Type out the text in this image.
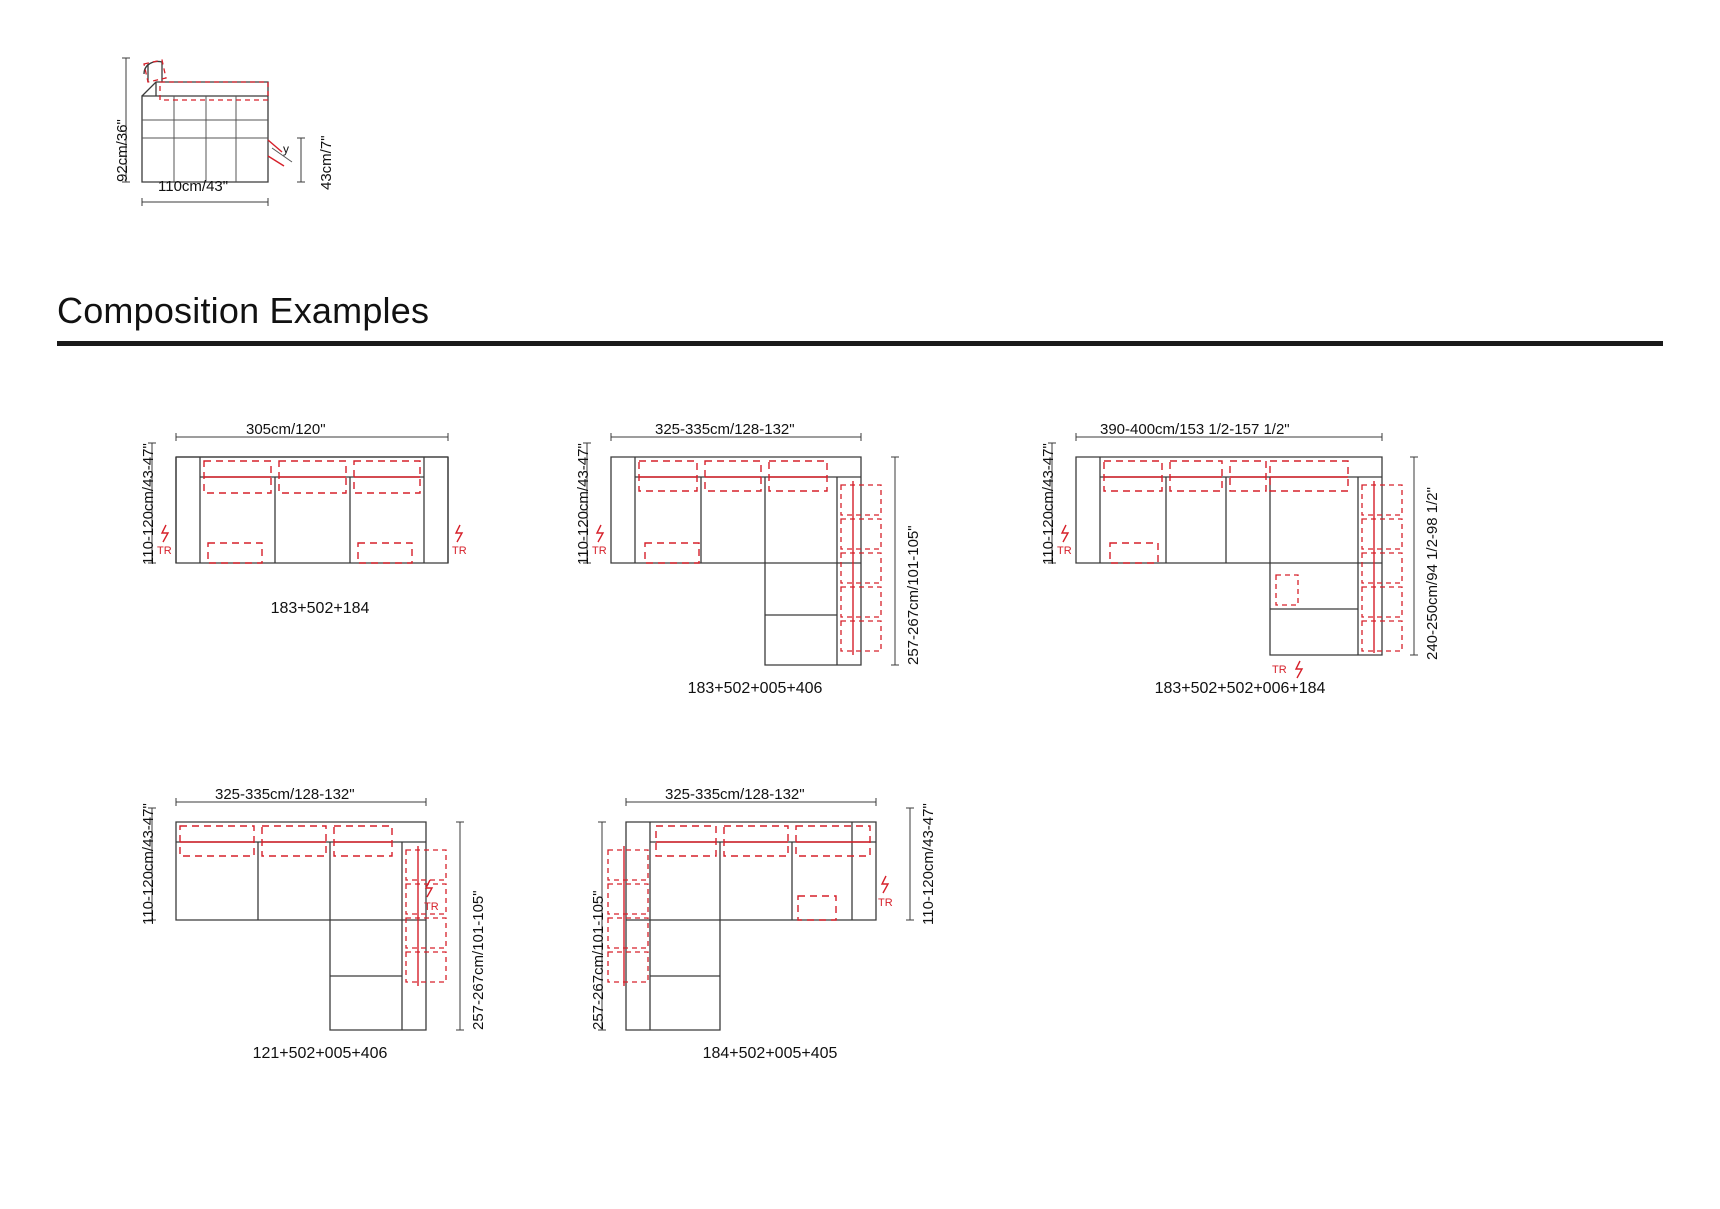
92cm/36"	43cm/7"
110cm/43"
y
Composition Examples
TR	TR
305cm/120"
110-120cm/43-47"
183+502+184
TR
325-335cm/128-132"
110-120cm/43-47"
257-267cm/101-105"
183+502+005+406
TR
TR
390-400cm/153 1/2-157 1/2"
110-120cm/43-47"	240-250cm/94 1/2-98 1/2"
183+502+502+006+184
TR
325-335cm/128-132"
110-120cm/43-47"
257-267cm/101-105"
121+502+005+406
TR
325-335cm/128-132"
257-267cm/101-105"
110-120cm/43-47"
184+502+005+405
